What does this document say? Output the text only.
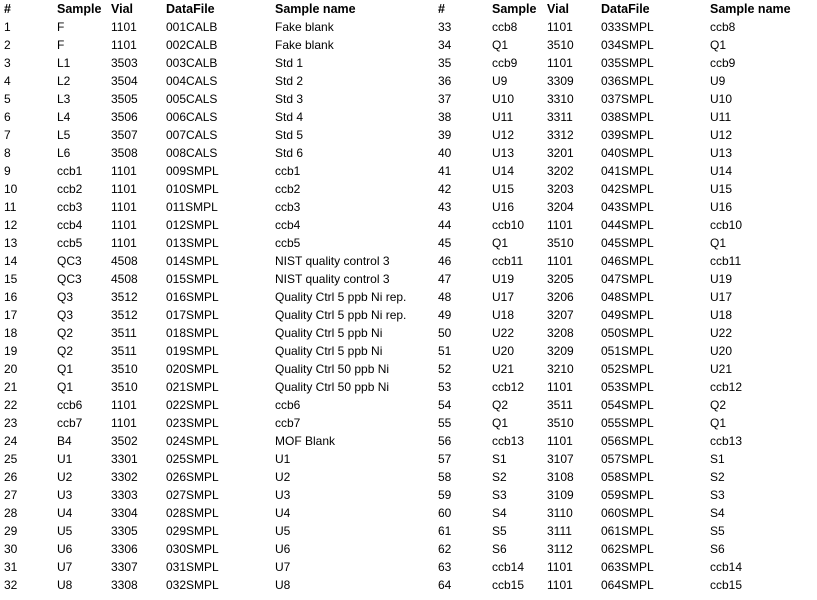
#	Sample	Vial	DataFile	Sample name
1	F	1101	001CALB	Fake blank
2	F	1101	002CALB	Fake blank
3	L1	3503	003CALB	Std 1
4	L2	3504	004CALS	Std 2
5	L3	3505	005CALS	Std 3
6	L4	3506	006CALS	Std 4
7	L5	3507	007CALS	Std 5
8	L6	3508	008CALS	Std 6
9	ccb1	1101	009SMPL	ccb1
10	ccb2	1101	010SMPL	ccb2
11	ccb3	1101	011SMPL	ccb3
12	ccb4	1101	012SMPL	ccb4
13	ccb5	1101	013SMPL	ccb5
14	QC3	4508	014SMPL	NIST quality control 3
15	QC3	4508	015SMPL	NIST quality control 3
16	Q3	3512	016SMPL	Quality Ctrl 5 ppb Ni rep.
17	Q3	3512	017SMPL	Quality Ctrl 5 ppb Ni rep.
18	Q2	3511	018SMPL	Quality Ctrl 5 ppb Ni
19	Q2	3511	019SMPL	Quality Ctrl 5 ppb Ni
20	Q1	3510	020SMPL	Quality Ctrl 50 ppb Ni
21	Q1	3510	021SMPL	Quality Ctrl 50 ppb Ni
22	ccb6	1101	022SMPL	ccb6
23	ccb7	1101	023SMPL	ccb7
24	B4	3502	024SMPL	MOF Blank
25	U1	3301	025SMPL	U1
26	U2	3302	026SMPL	U2
27	U3	3303	027SMPL	U3
28	U4	3304	028SMPL	U4
29	U5	3305	029SMPL	U5
30	U6	3306	030SMPL	U6
31	U7	3307	031SMPL	U7
32	U8	3308	032SMPL	U8
#	Sample	Vial	DataFile	Sample name
33	ccb8	1101	033SMPL	ccb8
34	Q1	3510	034SMPL	Q1
35	ccb9	1101	035SMPL	ccb9
36	U9	3309	036SMPL	U9
37	U10	3310	037SMPL	U10
38	U11	3311	038SMPL	U11
39	U12	3312	039SMPL	U12
40	U13	3201	040SMPL	U13
41	U14	3202	041SMPL	U14
42	U15	3203	042SMPL	U15
43	U16	3204	043SMPL	U16
44	ccb10	1101	044SMPL	ccb10
45	Q1	3510	045SMPL	Q1
46	ccb11	1101	046SMPL	ccb11
47	U19	3205	047SMPL	U19
48	U17	3206	048SMPL	U17
49	U18	3207	049SMPL	U18
50	U22	3208	050SMPL	U22
51	U20	3209	051SMPL	U20
52	U21	3210	052SMPL	U21
53	ccb12	1101	053SMPL	ccb12
54	Q2	3511	054SMPL	Q2
55	Q1	3510	055SMPL	Q1
56	ccb13	1101	056SMPL	ccb13
57	S1	3107	057SMPL	S1
58	S2	3108	058SMPL	S2
59	S3	3109	059SMPL	S3
60	S4	3110	060SMPL	S4
61	S5	3111	061SMPL	S5
62	S6	3112	062SMPL	S6
63	ccb14	1101	063SMPL	ccb14
64	ccb15	1101	064SMPL	ccb15
